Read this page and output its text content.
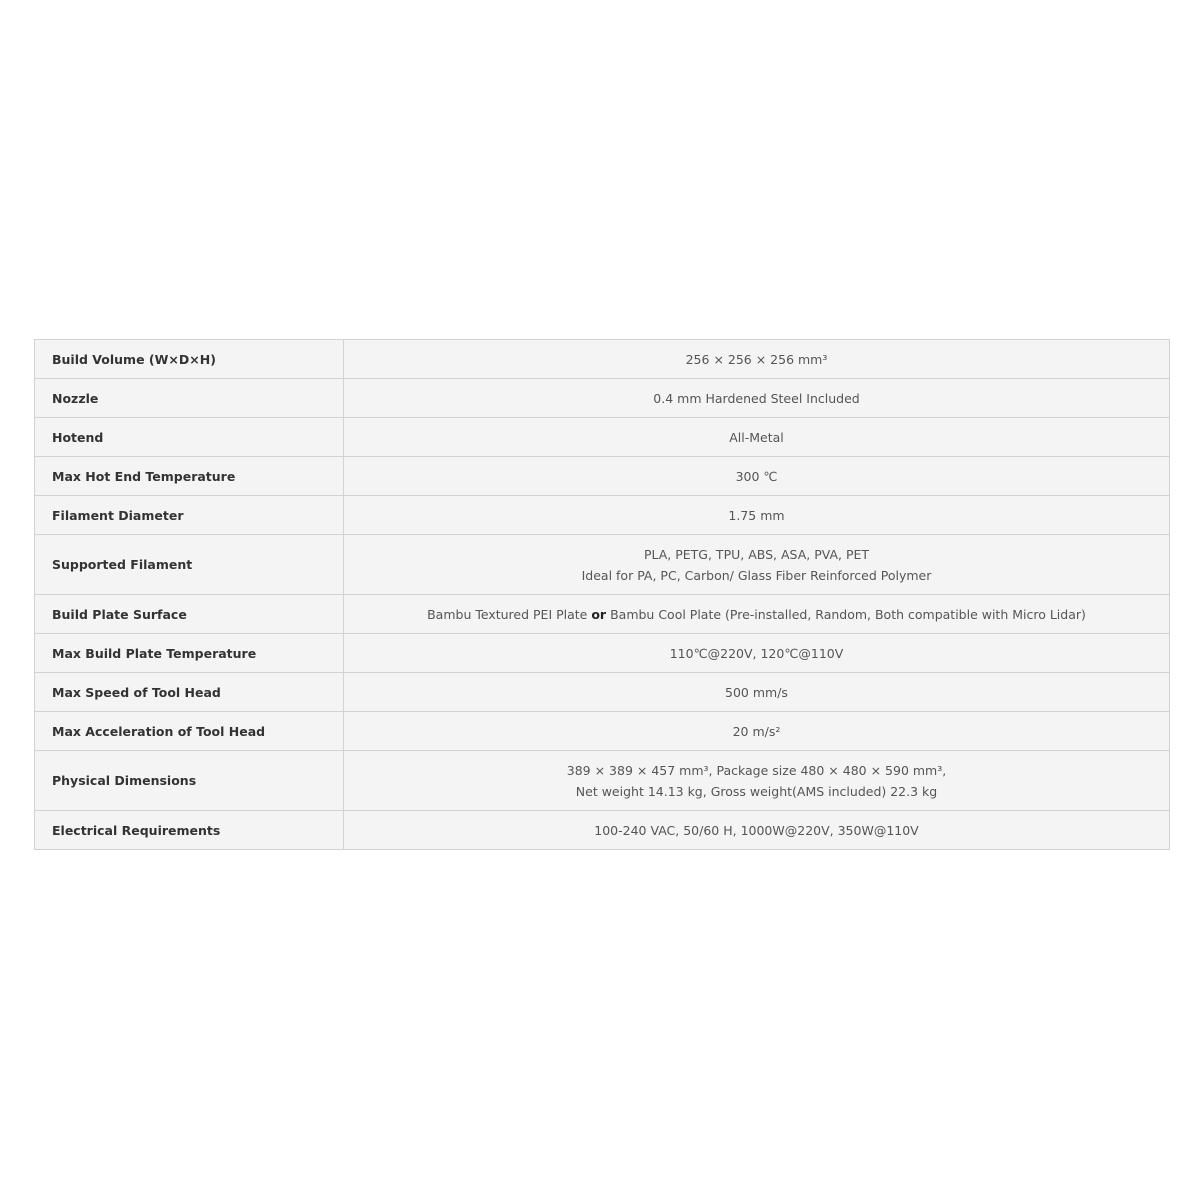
Build Volume (W×D×H)	256 × 256 × 256 mm³
Nozzle	0.4 mm Hardened Steel Included
Hotend	All-Metal
Max Hot End Temperature	300 ℃
Filament Diameter	1.75 mm
Supported Filament	PLA, PETG, TPU, ABS, ASA, PVA, PET
Ideal for PA, PC, Carbon/ Glass Fiber Reinforced Polymer

Build Plate Surface	Bambu Textured PEI Plate or Bambu Cool Plate (Pre-installed, Random, Both compatible with Micro Lidar)
Max Build Plate Temperature	110℃@220V, 120℃@110V
Max Speed of Tool Head	500 mm/s
Max Acceleration of Tool Head	20 m/s²
Physical Dimensions	389 × 389 × 457 mm³, Package size 480 × 480 × 590 mm³,
Net weight 14.13 kg, Gross weight(AMS included) 22.3 kg

Electrical Requirements	100-240 VAC, 50/60 H, 1000W@220V, 350W@110V
